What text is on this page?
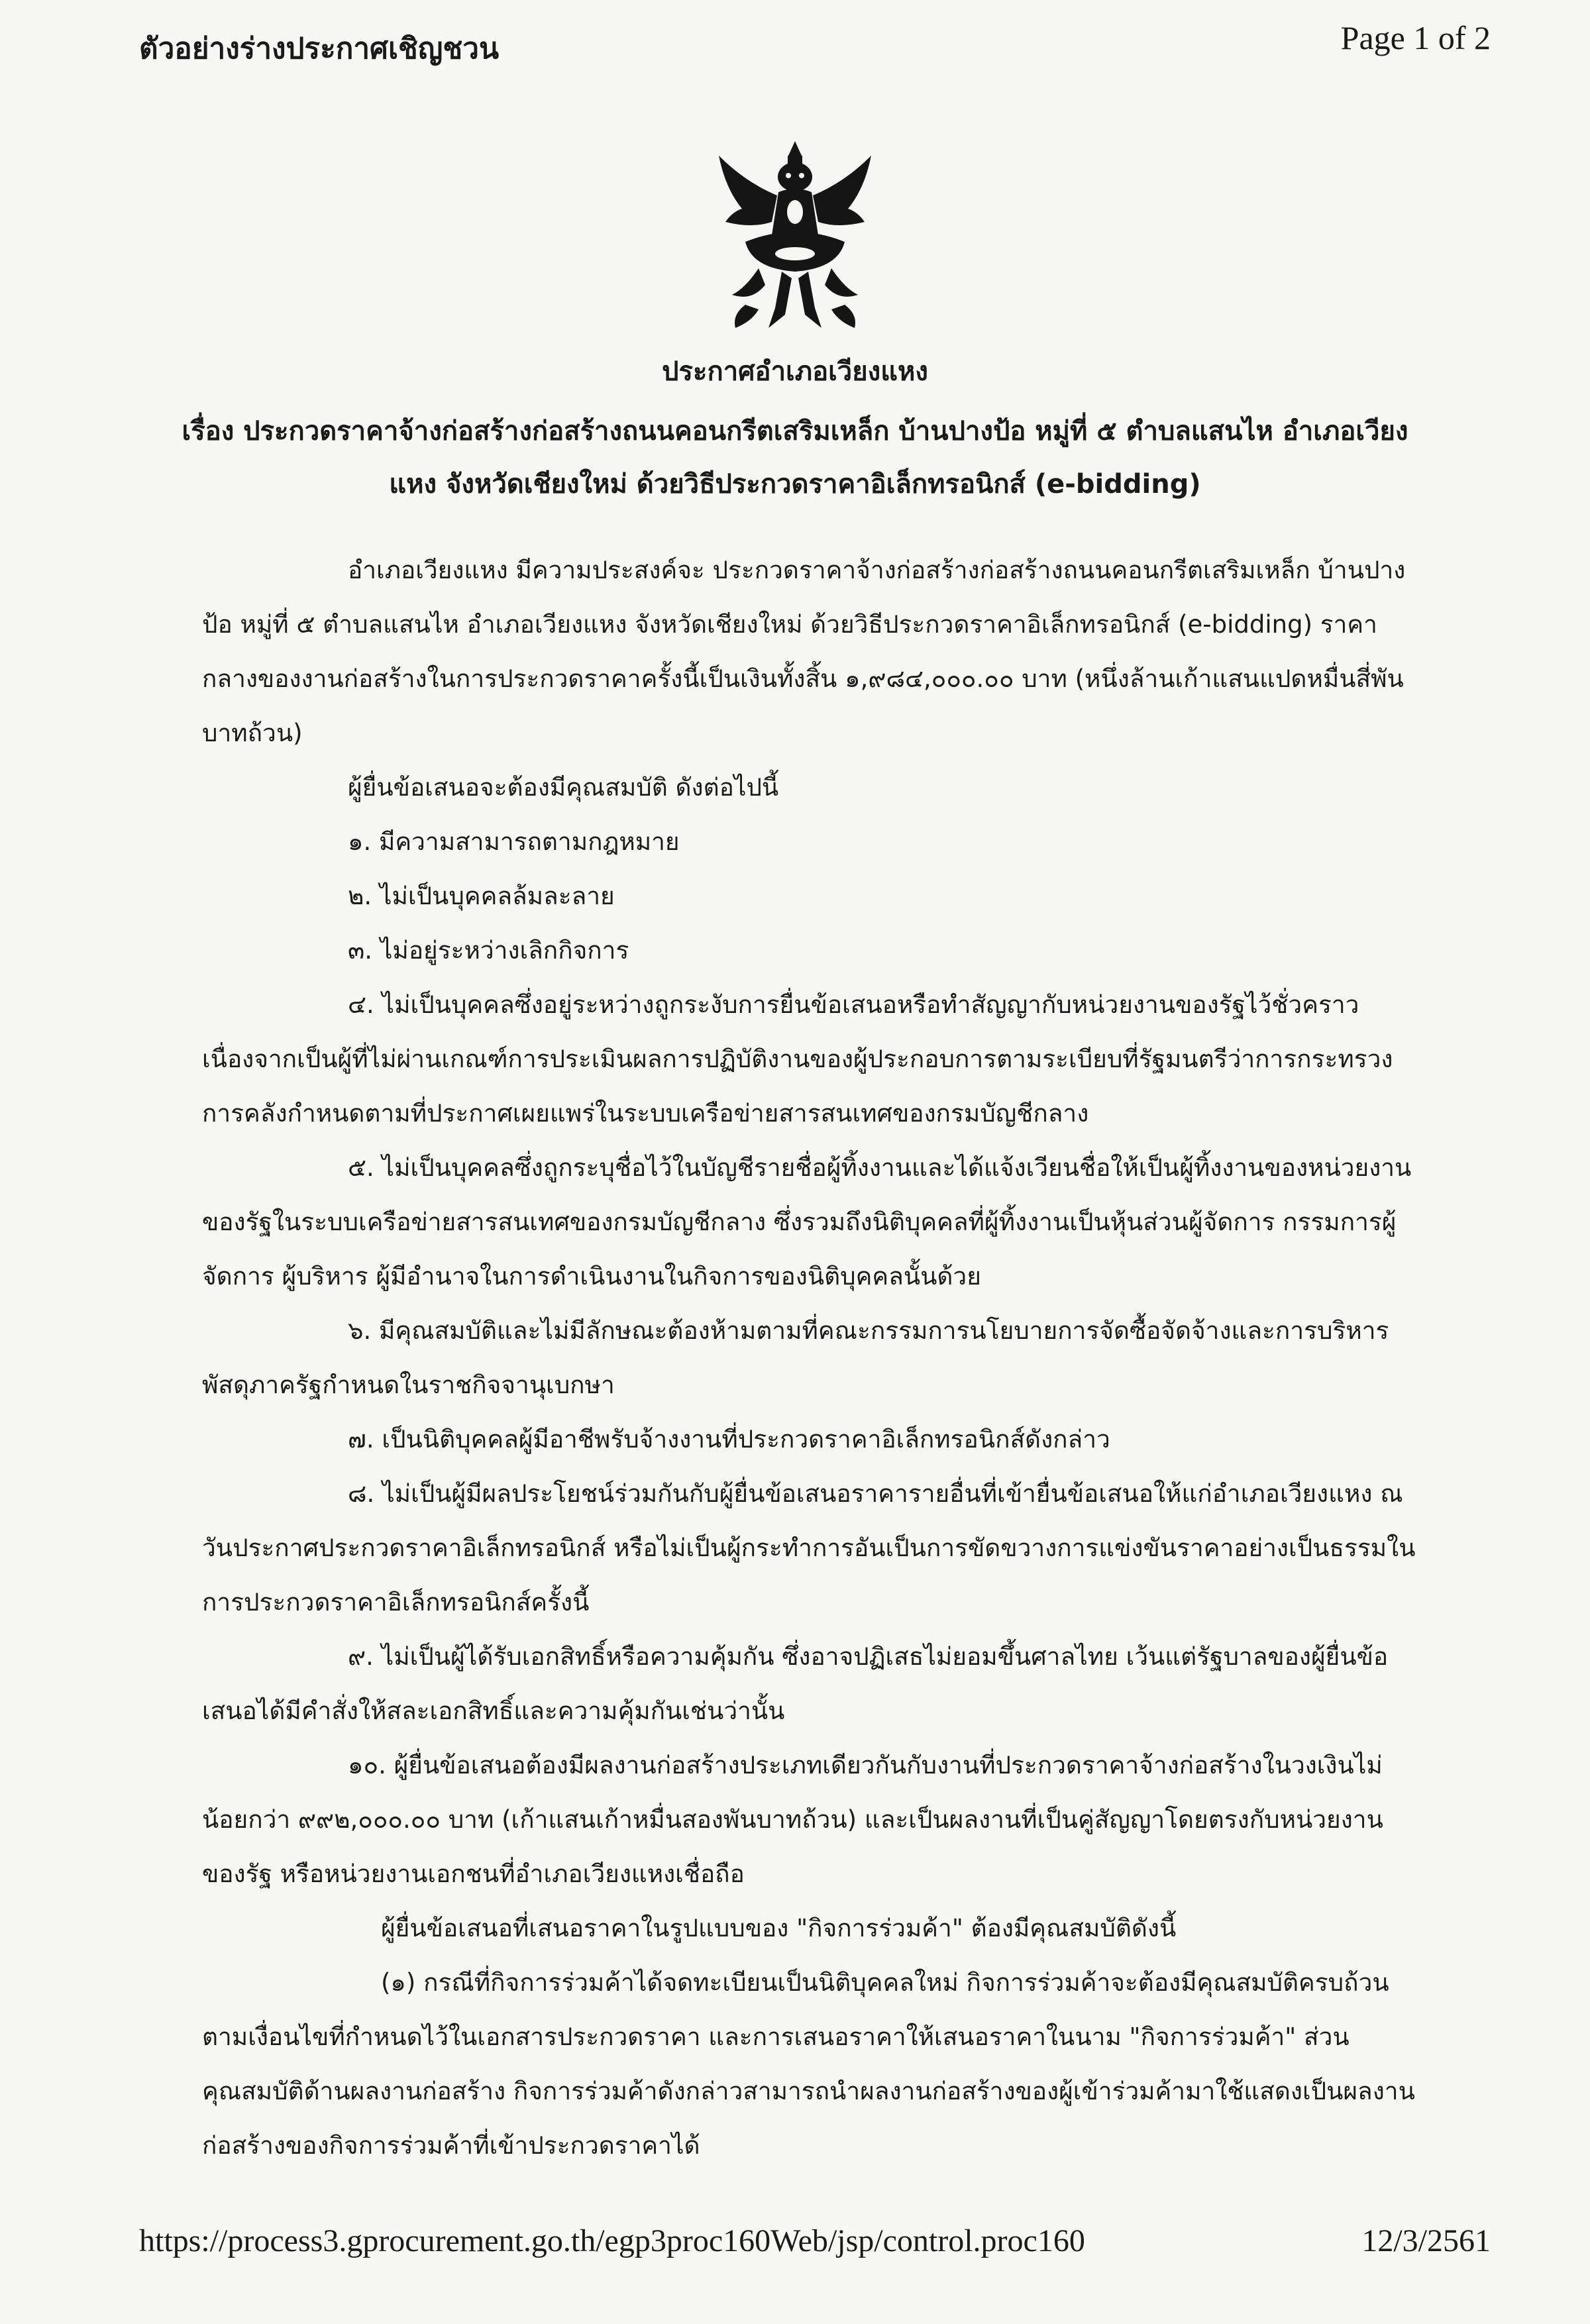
ตัวอย่างร่างประกาศเชิญชวน	Page 1 of 2
ประกาศอำเภอเวียงแหง
เรื่อง ประกวดราคาจ้างก่อสร้างก่อสร้างถนนคอนกรีตเสริมเหล็ก บ้านปางป้อ หมู่ที่ ๕ ตำบลแสนไห อำเภอเวียง
แหง จังหวัดเชียงใหม่ ด้วยวิธีประกวดราคาอิเล็กทรอนิกส์ (e-bidding)

อำเภอเวียงแหง มีความประสงค์จะ ประกวดราคาจ้างก่อสร้างก่อสร้างถนนคอนกรีตเสริมเหล็ก บ้านปางป้อ หมู่ที่ ๕ ตำบลแสนไห อำเภอเวียงแหง จังหวัดเชียงใหม่ ด้วยวิธีประกวดราคาอิเล็กทรอนิกส์ (e-bidding) ราคากลางของงานก่อสร้างในการประกวดราคาครั้งนี้เป็นเงินทั้งสิ้น ๑,๙๘๔,๐๐๐.๐๐ บาท (หนึ่งล้านเก้าแสนแปดหมื่นสี่พันบาทถ้วน)

ผู้ยื่นข้อเสนอจะต้องมีคุณสมบัติ ดังต่อไปนี้

๑. มีความสามารถตามกฎหมาย

๒. ไม่เป็นบุคคลล้มละลาย

๓. ไม่อยู่ระหว่างเลิกกิจการ

๔. ไม่เป็นบุคคลซึ่งอยู่ระหว่างถูกระงับการยื่นข้อเสนอหรือทำสัญญากับหน่วยงานของรัฐไว้ชั่วคราวเนื่องจากเป็นผู้ที่ไม่ผ่านเกณฑ์การประเมินผลการปฏิบัติงานของผู้ประกอบการตามระเบียบที่รัฐมนตรีว่าการกระทรวงการคลังกำหนดตามที่ประกาศเผยแพร่ในระบบเครือข่ายสารสนเทศของกรมบัญชีกลาง

๕. ไม่เป็นบุคคลซึ่งถูกระบุชื่อไว้ในบัญชีรายชื่อผู้ทิ้งงานและได้แจ้งเวียนชื่อให้เป็นผู้ทิ้งงานของหน่วยงานของรัฐในระบบเครือข่ายสารสนเทศของกรมบัญชีกลาง ซึ่งรวมถึงนิติบุคคลที่ผู้ทิ้งงานเป็นหุ้นส่วนผู้จัดการ กรรมการผู้จัดการ ผู้บริหาร ผู้มีอำนาจในการดำเนินงานในกิจการของนิติบุคคลนั้นด้วย

๖. มีคุณสมบัติและไม่มีลักษณะต้องห้ามตามที่คณะกรรมการนโยบายการจัดซื้อจัดจ้างและการบริหารพัสดุภาครัฐกำหนดในราชกิจจานุเบกษา

๗. เป็นนิติบุคคลผู้มีอาชีพรับจ้างงานที่ประกวดราคาอิเล็กทรอนิกส์ดังกล่าว

๘. ไม่เป็นผู้มีผลประโยชน์ร่วมกันกับผู้ยื่นข้อเสนอราคารายอื่นที่เข้ายื่นข้อเสนอให้แก่อำเภอเวียงแหง ณ วันประกาศประกวดราคาอิเล็กทรอนิกส์ หรือไม่เป็นผู้กระทำการอันเป็นการขัดขวางการแข่งขันราคาอย่างเป็นธรรมในการประกวดราคาอิเล็กทรอนิกส์ครั้งนี้

๙. ไม่เป็นผู้ได้รับเอกสิทธิ์หรือความคุ้มกัน ซึ่งอาจปฏิเสธไม่ยอมขึ้นศาลไทย เว้นแต่รัฐบาลของผู้ยื่นข้อเสนอได้มีคำสั่งให้สละเอกสิทธิ์และความคุ้มกันเช่นว่านั้น

๑๐. ผู้ยื่นข้อเสนอต้องมีผลงานก่อสร้างประเภทเดียวกันกับงานที่ประกวดราคาจ้างก่อสร้างในวงเงินไม่น้อยกว่า ๙๙๒,๐๐๐.๐๐ บาท (เก้าแสนเก้าหมื่นสองพันบาทถ้วน) และเป็นผลงานที่เป็นคู่สัญญาโดยตรงกับหน่วยงานของรัฐ หรือหน่วยงานเอกชนที่อำเภอเวียงแหงเชื่อถือ

ผู้ยื่นข้อเสนอที่เสนอราคาในรูปแบบของ "กิจการร่วมค้า" ต้องมีคุณสมบัติดังนี้

(๑) กรณีที่กิจการร่วมค้าได้จดทะเบียนเป็นนิติบุคคลใหม่ กิจการร่วมค้าจะต้องมีคุณสมบัติครบถ้วนตามเงื่อนไขที่กำหนดไว้ในเอกสารประกวดราคา และการเสนอราคาให้เสนอราคาในนาม "กิจการร่วมค้า" ส่วนคุณสมบัติด้านผลงานก่อสร้าง กิจการร่วมค้าดังกล่าวสามารถนำผลงานก่อสร้างของผู้เข้าร่วมค้ามาใช้แสดงเป็นผลงานก่อสร้างของกิจการร่วมค้าที่เข้าประกวดราคาได้

https://process3.gprocurement.go.th/egp3proc160Web/jsp/control.proc160	12/3/2561
